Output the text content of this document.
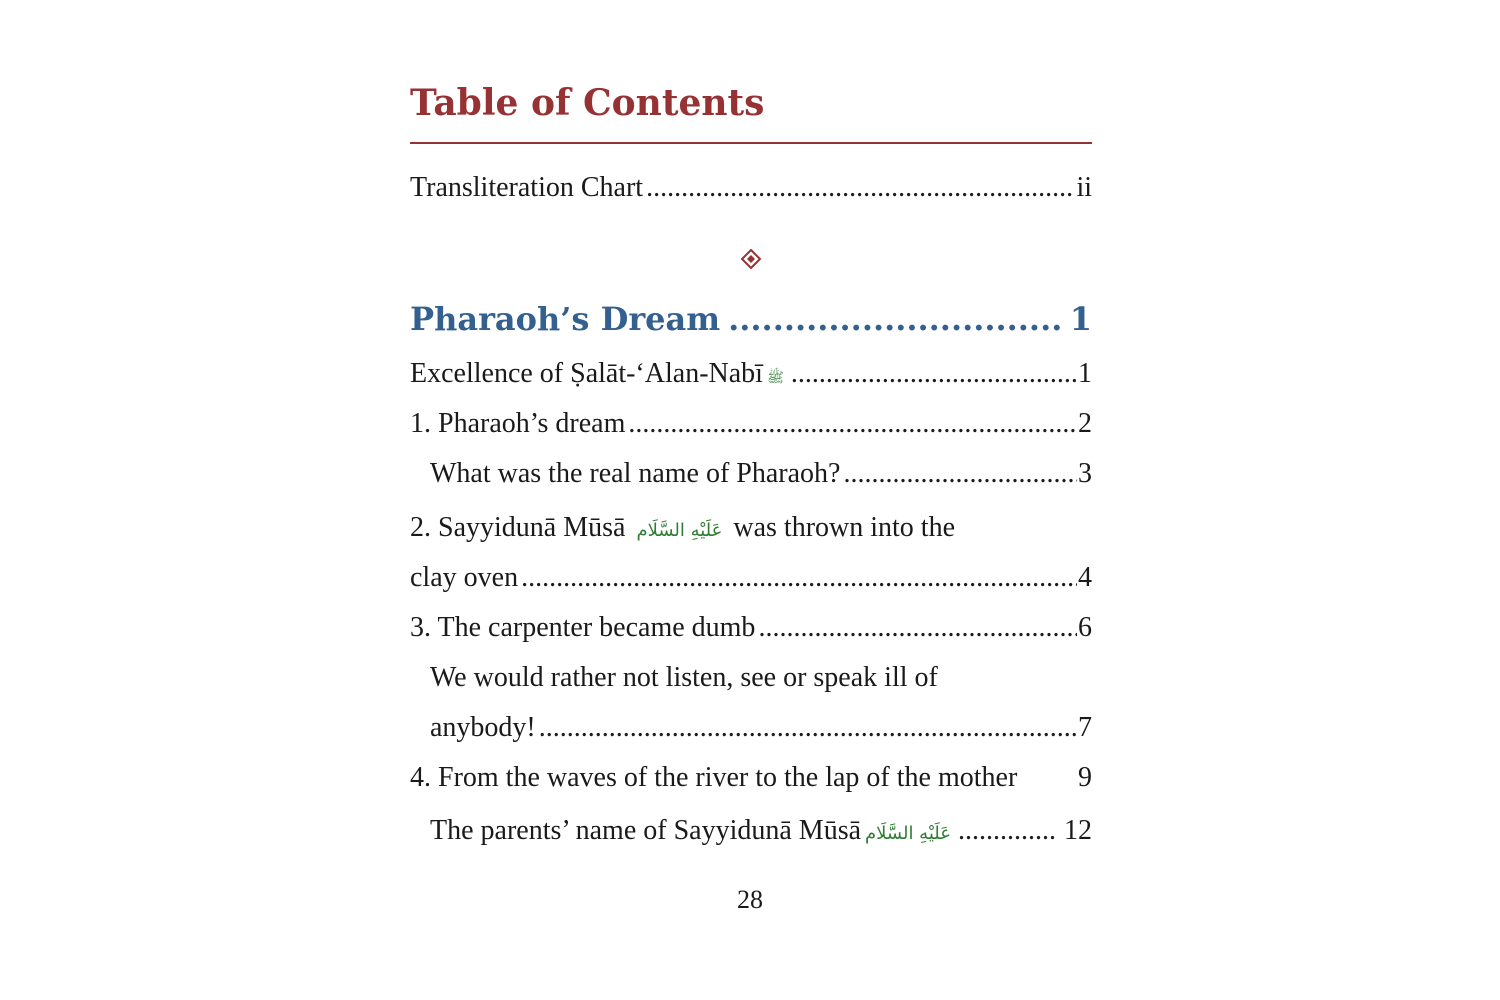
Table of Contents
Transliteration Chart .....	ii
Pharaoh’s Dream .....	1
Excellence of Ṣalāt-‘Alan-Nabī ﷺ .....	1
1. Pharaoh’s dream .....	2
What was the real name of Pharaoh? .....	3
2. Sayyidunā Mūsā عَلَيْهِ السَّلَام was thrown into the
clay oven .....	4
3. The carpenter became dumb .....	6
We would rather not listen, see or speak ill of
anybody! .....	7
4. From the waves of the river to the lap of the mother 9
The parents’ name of Sayyidunā Mūsā عَلَيْهِ السَّلَام .....	12
28
